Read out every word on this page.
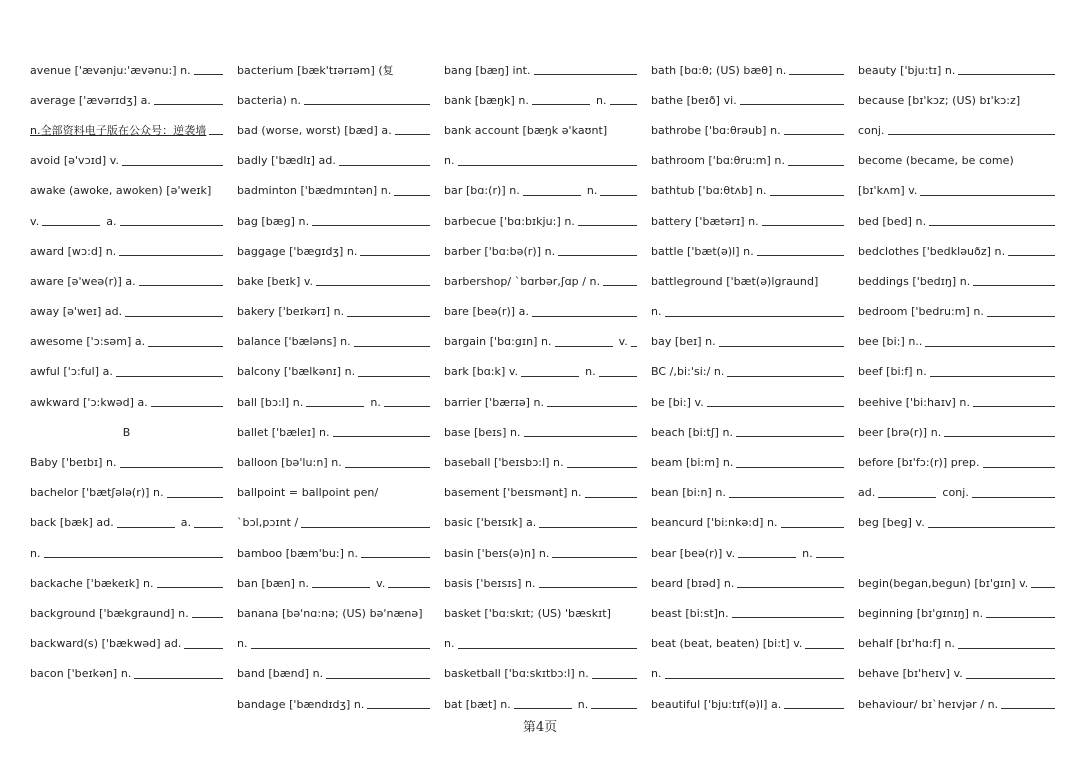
avenue ['ævənju:'ævənu:] n.
average ['ævərɪdʒ] a.
n.全部资料电子版在公众号：逆袭墙
avoid [ə'vɔɪd] v.
awake (awoke, awoken) [ə'weɪk]
v.	a.
award [wɔ:d] n.
aware [ə'weə(r)] a.
away [ə'weɪ] ad.
awesome ['ɔ:səm] a.
awful ['ɔ:ful] a.
awkward ['ɔ:kwəd] a.
B
Baby ['beɪbɪ] n.
bachelor ['bætʃələ(r)] n.
back [bæk] ad.	a.
n.
backache ['bækeɪk] n.
background ['bækgraund] n.
backward(s) ['bækwəd] ad.
bacon ['beɪkən] n.
bacterium [bæk'tɪərɪəm] (复
bacteria) n.
bad (worse, worst) [bæd] a.
badly ['bædlɪ] ad.
badminton ['bædmɪntən] n.
bag [bæg] n.
baggage ['bægɪdʒ] n.
bake [beɪk] v.
bakery ['beɪkərɪ] n.
balance ['bæləns] n.
balcony ['bælkənɪ] n.
ball [bɔ:l] n.	n.
ballet ['bæleɪ] n.
balloon [bə'lu:n] n.
ballpoint = ballpoint pen/
`bɔl,pɔɪnt /
bamboo [bæm'bu:] n.
ban [bæn] n.	v.
banana [bə'nɑ:nə; (US) bə'nænə]
n.
band [bænd] n.
bandage ['bændɪdʒ] n.
bang [bæŋ] int.
bank [bæŋk] n.	n.
bank account [bæŋk ə'kaʊnt]
n.
bar [bɑ:(r)] n.	n.
barbecue ['bɑ:bɪkju:] n.
barber ['bɑ:bə(r)] n.
barbershop/ `bɑrbər,ʃɑp / n.
bare [beə(r)] a.
bargain ['bɑ:gɪn] n.	v.
bark [bɑ:k] v.	n.
barrier ['bærɪə] n.
base [beɪs] n.
baseball ['beɪsbɔ:l] n.
basement ['beɪsmənt] n.
basic ['beɪsɪk] a.
basin ['beɪs(ə)n] n.
basis ['beɪsɪs] n.
basket ['bɑ:skɪt; (US) 'bæskɪt]
n.
basketball ['bɑ:skɪtbɔ:l] n.
bat [bæt] n.	n.
bath [bɑ:θ; (US) bæθ] n.
bathe [beɪð] vi.
bathrobe ['bɑ:θrəub] n.
bathroom ['bɑ:θru:m] n.
bathtub ['bɑ:θtʌb] n.
battery ['bætərɪ] n.
battle ['bæt(ə)l] n.
battleground ['bæt(ə)lgraund]
n.
bay [beɪ] n.
BC /,bi:'si:/ n.
be [bi:] v.
beach [bi:tʃ] n.
beam [bi:m] n.
bean [bi:n] n.
beancurd ['bi:nkə:d] n.
bear [beə(r)] v.	n.
beard [bɪəd] n.
beast [bi:st]n.
beat (beat, beaten) [bi:t] v.
n.
beautiful ['bju:tɪf(ə)l] a.
beauty ['bju:tɪ] n.
because [bɪ'kɔz; (US) bɪ'kɔ:z]
conj.
become (became, be come)
[bɪ'kʌm] v.
bed [bed] n.
bedclothes ['bedkləuðz] n.
beddings ['bedɪŋ] n.
bedroom ['bedru:m] n.
bee [bi:] n..
beef [bi:f] n.
beehive ['bi:haɪv] n.
beer [brə(r)] n.
before [bɪ'fɔ:(r)] prep.
ad.	conj.
beg [beg] v.
begin(began,begun) [bɪ'gɪn] v.
beginning [bɪ'gɪnɪŋ] n.
behalf [bɪ'hɑ:f] n.
behave [bɪ'heɪv] v.
behaviour/ bɪ`heɪvjər / n.
第4页
